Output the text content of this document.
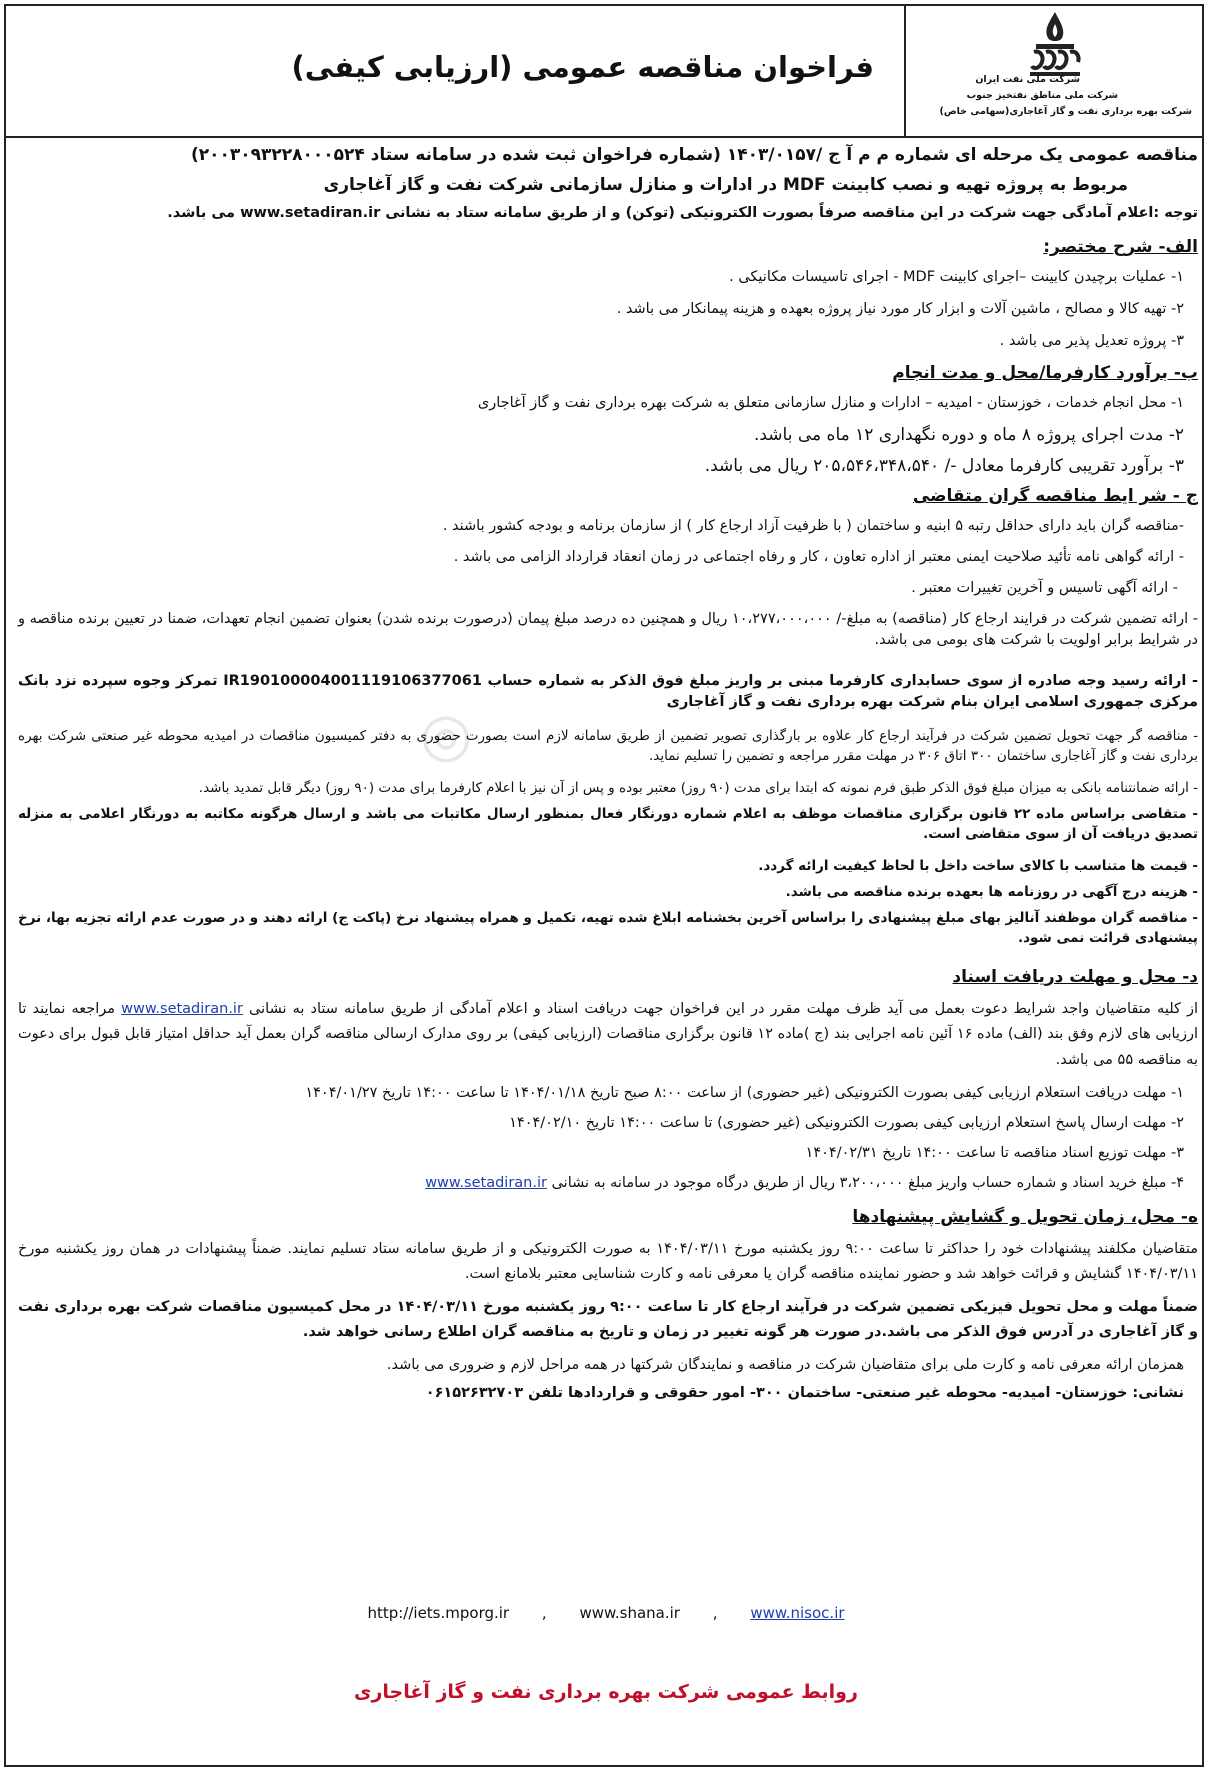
فراخوان مناقصه عمومی (ارزیابی کیفی)	شرکت ملی نفت ایران
شرکت ملی مناطق نفتخیز جنوب
شرکت بهره برداری نفت و گاز آغاجاری(سهامی خاص)
◎
مناقصه عمومی یک مرحله ای شماره م م آ ج /۱۴۰۳/۰۱۵۷ (شماره فراخوان ثبت شده در سامانه ستاد ۲۰۰۳۰۹۳۲۲۸۰۰۰۵۲۴)
مربوط به پروژه تهیه و نصب کابینت MDF در ادارات و منازل سازمانی شرکت نفت و گاز آغاجاری
توجه :اعلام آمادگی جهت شرکت در این مناقصه صرفاً بصورت الکترونیکی (توکن) و از طریق سامانه ستاد به نشانی www.setadiran.ir می باشد.
الف- شرح مختصر:
۱- عملیات برچیدن کابینت –اجرای کابینت MDF - اجرای تاسیسات مکانیکی .
۲- تهیه کالا و مصالح ، ماشین آلات و ابزار کار مورد نیاز پروژه بعهده و هزینه پیمانکار می باشد .
۳- پروژه تعدیل پذیر می باشد .
ب- برآورد کارفرما/محل و مدت انجام
۱- محل انجام خدمات ، خوزستان - امیدیه – ادارات و منازل سازمانی متعلق به شرکت بهره برداری نفت و گاز آغاجاری
۲- مدت اجرای پروژه ۸ ماه و دوره نگهداری ۱۲ ماه می باشد.
۳- برآورد تقریبی کارفرما معادل -/ ۲۰۵،۵۴۶،۳۴۸،۵۴۰ ریال می باشد.
ج - شر ایط مناقصه گران متقاضی
-مناقصه گران باید دارای حداقل رتبه ۵ ابنیه و ساختمان ( با ظرفیت آزاد ارجاع کار ) از سازمان برنامه و بودجه کشور باشند .
- ارائه گواهی نامه تأئید صلاحیت ایمنی معتبر از اداره تعاون ، کار و رفاه اجتماعی در زمان انعقاد قرارداد الزامی می باشد .
- ارائه آگهی تاسیس و آخرین تغییرات معتبر .
- ارائه تضمین شرکت در فرایند ارجاع کار (مناقصه) به مبلغ-/ ۱۰،۲۷۷،۰۰۰،۰۰۰ ریال و همچنین ده درصد مبلغ پیمان (درصورت برنده شدن) بعنوان تضمین انجام تعهدات، ضمنا در تعیین برنده مناقصه و در شرایط برابر اولویت با شرکت های بومی می باشد.
- ارائه رسید وجه صادره از سوی حسابداری کارفرما مبنی بر واریز مبلغ فوق الذکر به شماره حساب IR190100004001119106377061 تمرکز وجوه سپرده نزد بانک مرکزی جمهوری اسلامی ایران بنام شرکت بهره برداری نفت و گاز آغاجاری
- مناقصه گر جهت تحویل تضمین شرکت در فرآیند ارجاع کار علاوه بر بارگذاری تصویر تضمین از طریق سامانه لازم است بصورت حضوری به دفتر کمیسیون مناقصات در امیدیه محوطه غیر صنعتی شرکت بهره برداری نفت و گاز آغاجاری ساختمان ۳۰۰ اتاق ۳۰۶ در مهلت مقرر مراجعه و تضمین را تسلیم نماید.
- ارائه ضمانتنامه بانکی به میزان مبلغ فوق الذکر طبق فرم نمونه که ابتدا برای مدت (۹۰ روز) معتبر بوده و پس از آن نیز با اعلام کارفرما برای مدت (۹۰ روز) دیگر قابل تمدید باشد.
- متقاضی براساس ماده ۲۲ قانون برگزاری مناقصات موظف به اعلام شماره دورنگار فعال بمنظور ارسال مکاتبات می باشد و ارسال هرگونه مکاتبه به دورنگار اعلامی به منزله تصدیق دریافت آن از سوی متقاضی است.
- قیمت ها متناسب با کالای ساخت داخل با لحاظ کیفیت ارائه گردد.
- هزینه درج آگهی در روزنامه ها بعهده برنده مناقصه می باشد.
- مناقصه گران موظفند آنالیز بهای مبلغ پیشنهادی را براساس آخرین بخشنامه ابلاغ شده تهیه، تکمیل و همراه پیشنهاد نرخ (پاکت ج) ارائه دهند و در صورت عدم ارائه تجزیه بها، نرخ پیشنهادی قرائت نمی شود.
د- محل و مهلت دریافت اسناد
از کلیه متقاضیان واجد شرایط دعوت بعمل می آید ظرف مهلت مقرر در این فراخوان جهت دریافت اسناد و اعلام آمادگی از طریق سامانه ستاد به نشانی www.setadiran.ir مراجعه نمایند تا ارزیابی های لازم وفق بند (الف) ماده ۱۶ آئین نامه اجرایی بند (ج )ماده ۱۲ قانون برگزاری مناقصات (ارزیابی کیفی) بر روی مدارک ارسالی مناقصه گران بعمل آید حداقل امتیاز قابل قبول برای دعوت به مناقصه ۵۵ می باشد.
۱- مهلت دریافت استعلام ارزیابی کیفی بصورت الکترونیکی (غیر حضوری) از ساعت ۸:۰۰ صبح تاریخ ۱۴۰۴/۰۱/۱۸ تا ساعت ۱۴:۰۰ تاریخ ۱۴۰۴/۰۱/۲۷
۲- مهلت ارسال پاسخ استعلام ارزیابی کیفی بصورت الکترونیکی (غیر حضوری) تا ساعت ۱۴:۰۰ تاریخ ۱۴۰۴/۰۲/۱۰
۳- مهلت توزیع اسناد مناقصه تا ساعت ۱۴:۰۰ تاریخ ۱۴۰۴/۰۲/۳۱
۴- مبلغ خرید اسناد و شماره حساب واریز مبلغ ۳،۲۰۰،۰۰۰ ریال از طریق درگاه موجود در سامانه به نشانی www.setadiran.ir
ه- محل، زمان تحویل و گشایش پیشنهادها
متقاضیان مکلفند پیشنهادات خود را حداکثر تا ساعت ۹:۰۰ روز یکشنبه مورخ ۱۴۰۴/۰۳/۱۱ به صورت الکترونیکی و از طریق سامانه ستاد تسلیم نمایند. ضمناً پیشنهادات در همان روز یکشنبه مورخ ۱۴۰۴/۰۳/۱۱ گشایش و قرائت خواهد شد و حضور نماینده مناقصه گران یا معرفی نامه و کارت شناسایی معتبر بلامانع است.
ضمناً مهلت و محل تحویل فیزیکی تضمین شرکت در فرآیند ارجاع کار تا ساعت ۹:۰۰ روز یکشنبه مورخ ۱۴۰۴/۰۳/۱۱ در محل کمیسیون مناقصات شرکت بهره برداری نفت و گاز آغاجاری در آدرس فوق الذکر می باشد.در صورت هر گونه تغییر در زمان و تاریخ به مناقصه گران اطلاع رسانی خواهد شد.
همزمان ارائه معرفی نامه و کارت ملی برای متقاضیان شرکت در مناقصه و نمایندگان شرکتها در همه مراحل لازم و ضروری می باشد.
نشانی: خوزستان- امیدیه- محوطه غیر صنعتی- ساختمان ۳۰۰- امور حقوقی و قراردادها تلفن ۰۶۱۵۲۶۳۲۷۰۳
http://iets.mporg.ir , www.shana.ir , www.nisoc.ir
روابط عمومی شرکت بهره برداری نفت و گاز آغاجاری
